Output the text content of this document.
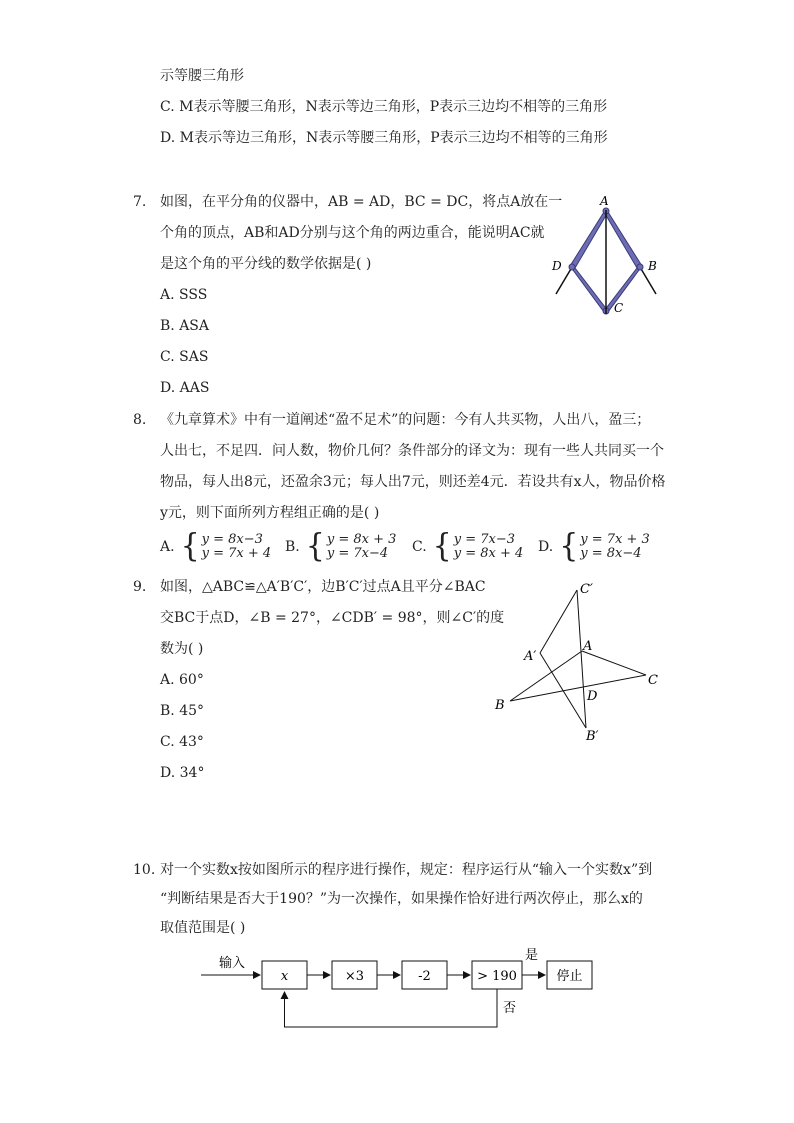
示等腰三角形
C. M表示等腰三角形，N表示等边三角形，P表示三边均不相等的三角形
D. M表示等边三角形，N表示等腰三角形，P表示三边均不相等的三角形
7. 如图，在平分角的仪器中，AB = AD，BC = DC，将点A放在一
个角的顶点，AB和AD分别与这个角的两边重合，能说明AC就
是这个角的平分线的数学依据是( )
A. SSS
B. ASA
C. SAS
D. AAS
A
D	B
C
8. 《九章算术》中有一道阐述“盈不足术”的问题：今有人共买物，人出八，盈三；
人出七，不足四．问人数，物价几何？条件部分的译文为：现有一些人共同买一个
物品，每人出8元，还盈余3元；每人出7元，则还差4元．若设共有x人，物品价格
y元，则下面所列方程组正确的是( )
A. { y = 8x−3
y = 7x + 4 B. { y = 8x + 3
y = 7x−4	C. { y = 7x−3
y = 8x + 4 D. { y = 7x + 3
y = 8x−4
9. 如图，△ABC≌△A′B′C′，边B′C′过点A且平分∠BAC
交BC于点D，∠B = 27°，∠CDB′ = 98°，则∠C′的度
数为( )
A. 60°
B. 45°
C. 43°
D. 34°
C′
A′
A
C
D
B
B′
10. 对一个实数x按如图所示的程序进行操作，规定：程序运行从“输入一个实数x”到
“判断结果是否大于190？”为一次操作，如果操作恰好进行两次停止，那么x的
取值范围是( )
输入
x	×3	-2	> 190
是
停止
否
